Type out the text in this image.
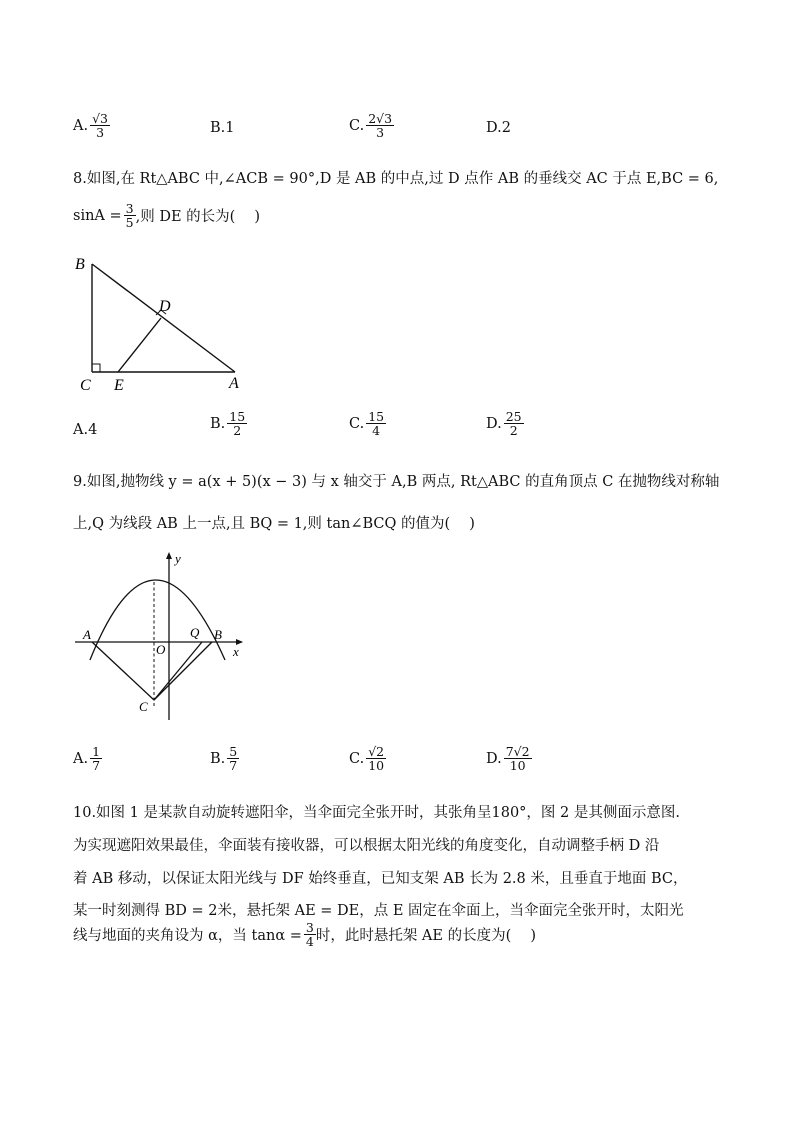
A. $\frac{√3}{3}$	B. 1	C. $\frac{2√3}{3}$	D. 2
8.如图,在 Rt△ABC 中,∠ACB = 90°,D 是 AB 的中点,过 D 点作 AB 的垂线交 AC 于点 E,BC = 6,
$\sin A = \frac{3}{5}$ ,则 DE 的长为(　 )
B
D
C E	A
A. 4	B. $\frac{15}{2}$	C. $\frac{15}{4}$	D. $\frac{25}{2}$
9.如图,抛物线 y = a(x + 5)(x − 3) 与 x 轴交于 A,B 两点, Rt△ABC 的直角顶点 C 在抛物线对称轴
上,Q 为线段 AB 上一点,且 BQ = 1,则 tan∠BCQ 的值为(　 )
y
x
A
O
Q B
C
A. $\frac{1}{7}$	B. $\frac{5}{7}$	C. $\frac{√2}{10}$	D. $\frac{7√2}{10}$
10.如图 1 是某款自动旋转遮阳伞，当伞面完全张开时，其张角呈180°，图 2 是其侧面示意图.
为实现遮阳效果最佳，伞面装有接收器，可以根据太阳光线的角度变化，自动调整手柄 D 沿
着 AB 移动，以保证太阳光线与 DF 始终垂直，已知支架 AB 长为 2.8 米，且垂直于地面 BC，
某一时刻测得 BD = 2米，悬托架 AE = DE，点 E 固定在伞面上，当伞面完全张开时，太阳光
线与地面的夹角设为 α，当 $\tan\alpha = \frac{3}{4}$ 时，此时悬托架 AE 的长度为(　 )
